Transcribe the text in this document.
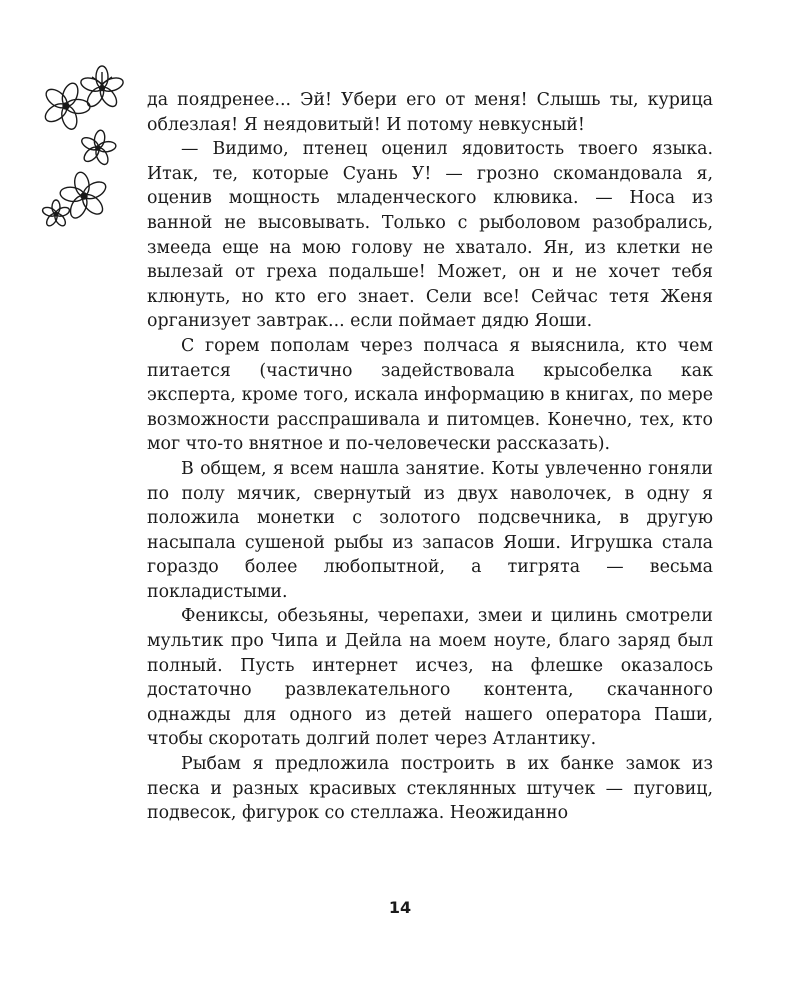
да поядренее... Эй! Убери его от меня! Слышь ты, курица облезлая! Я неядовитый! И потому невкусный!

— Видимо, птенец оценил ядовитость твоего языка. Итак, те, которые Суань У! — грозно скомандовала я, оценив мощность младенческого клювика. — Носа из ванной не высовывать. Только с рыболовом разобрались, змееда еще на мою голову не хватало. Ян, из клетки не вылезай от греха подальше! Может, он и не хочет тебя клюнуть, но кто его знает. Сели все! Сейчас тетя Женя организует завтрак... если поймает дядю Яоши.

С горем пополам через полчаса я выяснила, кто чем питается (частично задействовала крысобелка как эксперта, кроме того, искала информацию в книгах, по мере возможности расспрашивала и питомцев. Конечно, тех, кто мог что-то внятное и по-человечески рассказать).

В общем, я всем нашла занятие. Коты увлеченно гоняли по полу мячик, свернутый из двух наволочек, в одну я положила монетки с золотого подсвечника, в другую насыпала сушеной рыбы из запасов Яоши. Игрушка стала гораздо более любопытной, а тигрята — весьма покладистыми.

Фениксы, обезьяны, черепахи, змеи и цилинь смотрели мультик про Чипа и Дейла на моем ноуте, благо заряд был полный. Пусть интернет исчез, на флешке оказалось достаточно развлекательного контента, скачанного однажды для одного из детей нашего оператора Паши, чтобы скоротать долгий полет через Атлантику.

Рыбам я предложила построить в их банке замок из песка и разных красивых стеклянных штучек — пуговиц, подвесок, фигурок со стеллажа. Неожиданно

14
